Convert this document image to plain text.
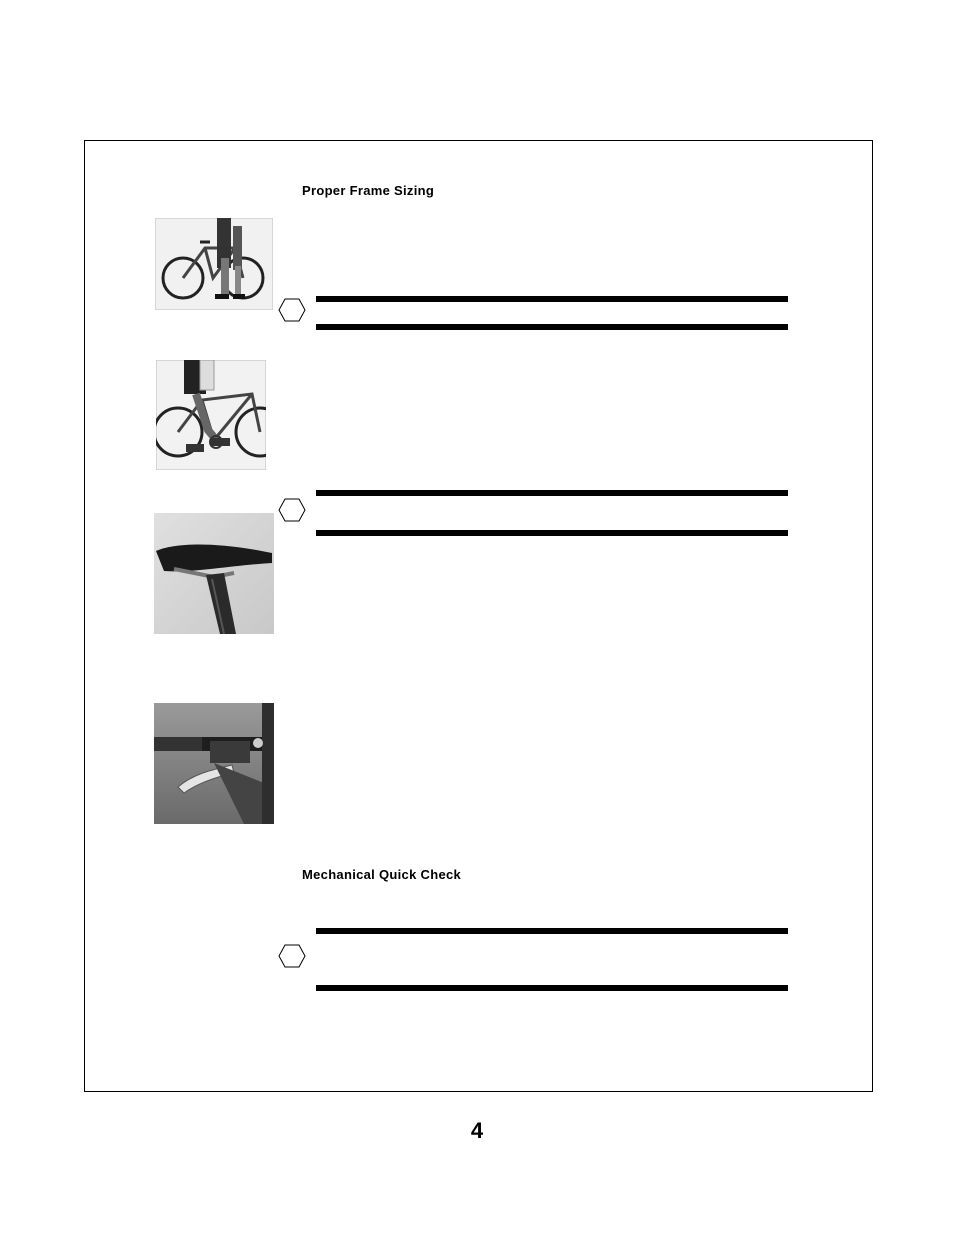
Proper Frame Sizing
Mechanical Quick Check
4
